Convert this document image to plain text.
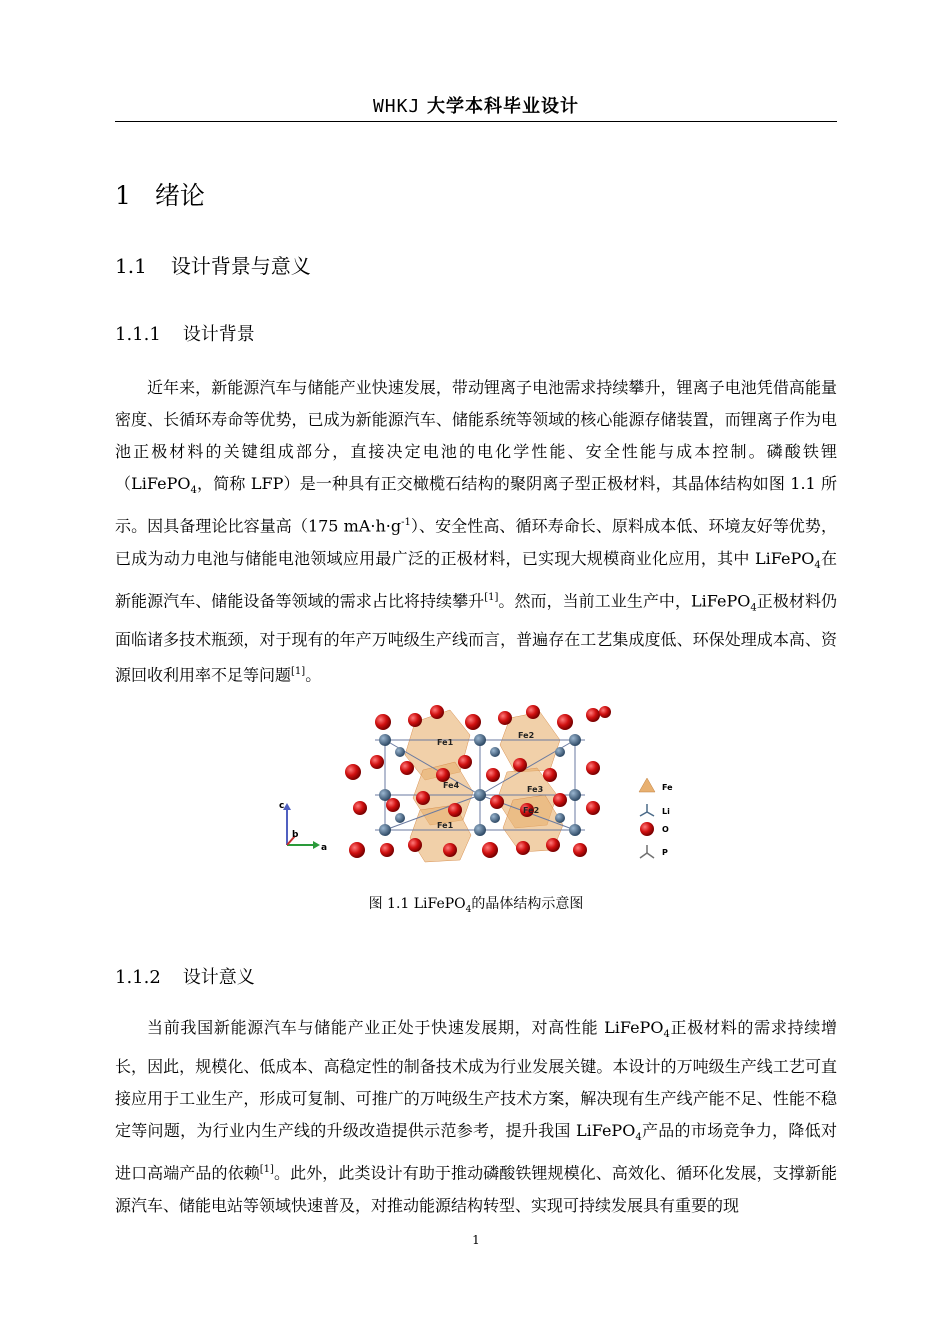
WHKJ 大学本科毕业设计
1 绪论
1.1 设计背景与意义
1.1.1 设计背景
近年来，新能源汽车与储能产业快速发展，带动锂离子电池需求持续攀升，锂离子电池凭借高能量密度、长循环寿命等优势，已成为新能源汽车、储能系统等领域的核心能源存储装置，而锂离子作为电池正极材料的关键组成部分，直接决定电池的电化学性能、安全性能与成本控制。磷酸铁锂（LiFePO$_4$，简称 LFP）是一种具有正交橄榄石结构的聚阴离子型正极材料，其晶体结构如图 1.1 所示。因具备理论比容量高（175 $mA\cdot h\cdot g^{-1}$）、安全性高、循环寿命长、原料成本低、环境友好等优势，已成为动力电池与储能电池领域应用最广泛的正极材料，已实现大规模商业化应用，其中 LiFePO$_4$在新能源汽车、储能设备等领域的需求占比将持续攀升[1]。然而，当前工业生产中，LiFePO$_4$正极材料仍面临诸多技术瓶颈，对于现有的年产万吨级生产线而言，普遍存在工艺集成度低、环保处理成本高、资源回收利用率不足等问题[1]。
c
b
a
Fe1
Fe2
Fe4	Fe3
Fe2
Fe1
Fe
Li
O
P
图 1.1 LiFePO$_4$的晶体结构示意图
1.1.2 设计意义
当前我国新能源汽车与储能产业正处于快速发展期，对高性能 LiFePO$_4$正极材料的需求持续增长，因此，规模化、低成本、高稳定性的制备技术成为行业发展关键。本设计的万吨级生产线工艺可直接应用于工业生产，形成可复制、可推广的万吨级生产技术方案，解决现有生产线产能不足、性能不稳定等问题，为行业内生产线的升级改造提供示范参考，提升我国 LiFePO$_4$产品的市场竞争力，降低对进口高端产品的依赖[1]。此外，此类设计有助于推动磷酸铁锂规模化、高效化、循环化发展，支撑新能源汽车、储能电站等领域快速普及，对推动能源结构转型、实现可持续发展具有重要的现
1
